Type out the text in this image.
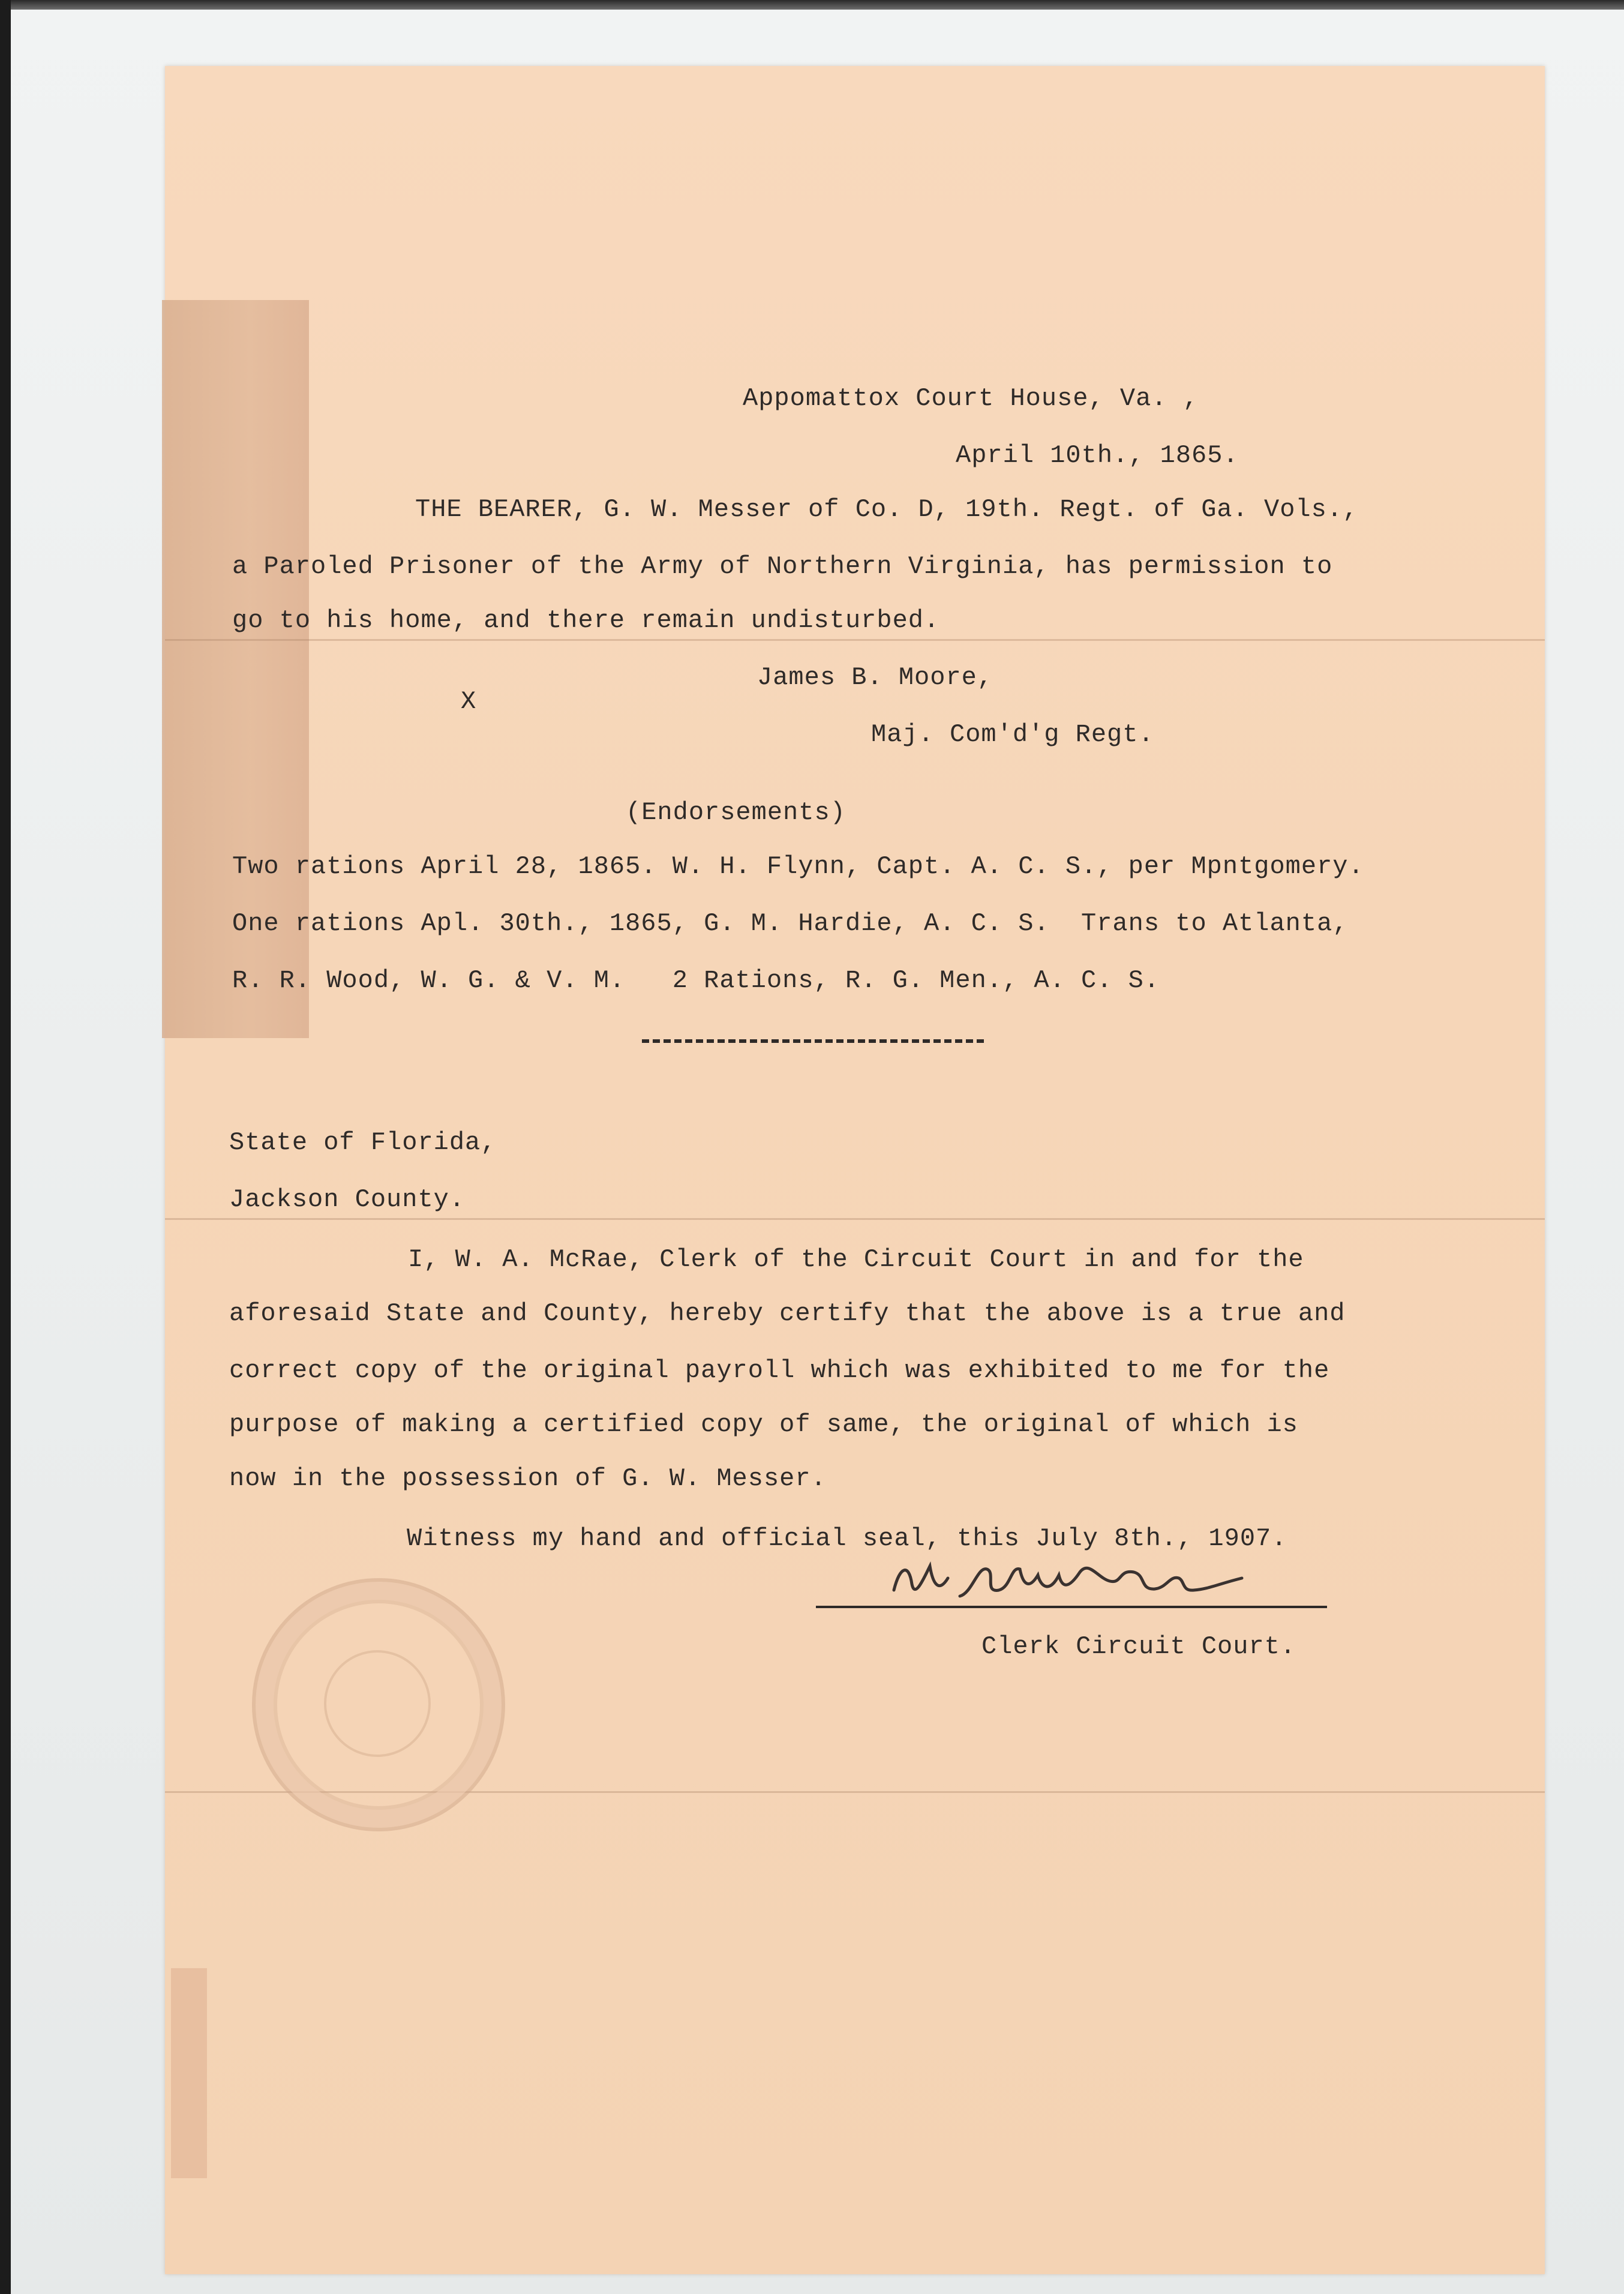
Appomattox Court House, Va. ,
April 10th., 1865.
THE BEARER, G. W. Messer of Co. D, 19th. Regt. of Ga. Vols.,
a Paroled Prisoner of the Army of Northern Virginia, has permission to
go to his home, and there remain undisturbed.
James B. Moore,
X
Maj. Com'd'g Regt.
(Endorsements)
Two rations April 28, 1865. W. H. Flynn, Capt. A. C. S., per Mpntgomery.
One rations Apl. 30th., 1865, G. M. Hardie, A. C. S.  Trans to Atlanta,
R. R. Wood, W. G. & V. M.   2 Rations, R. G. Men., A. C. S.
State of Florida,
Jackson County.
I, W. A. McRae, Clerk of the Circuit Court in and for the
aforesaid State and County, hereby certify that the above is a true and
correct copy of the original payroll which was exhibited to me for the
purpose of making a certified copy of same, the original of which is
now in the possession of G. W. Messer.
Witness my hand and official seal, this July 8th., 1907.
Clerk Circuit Court.
